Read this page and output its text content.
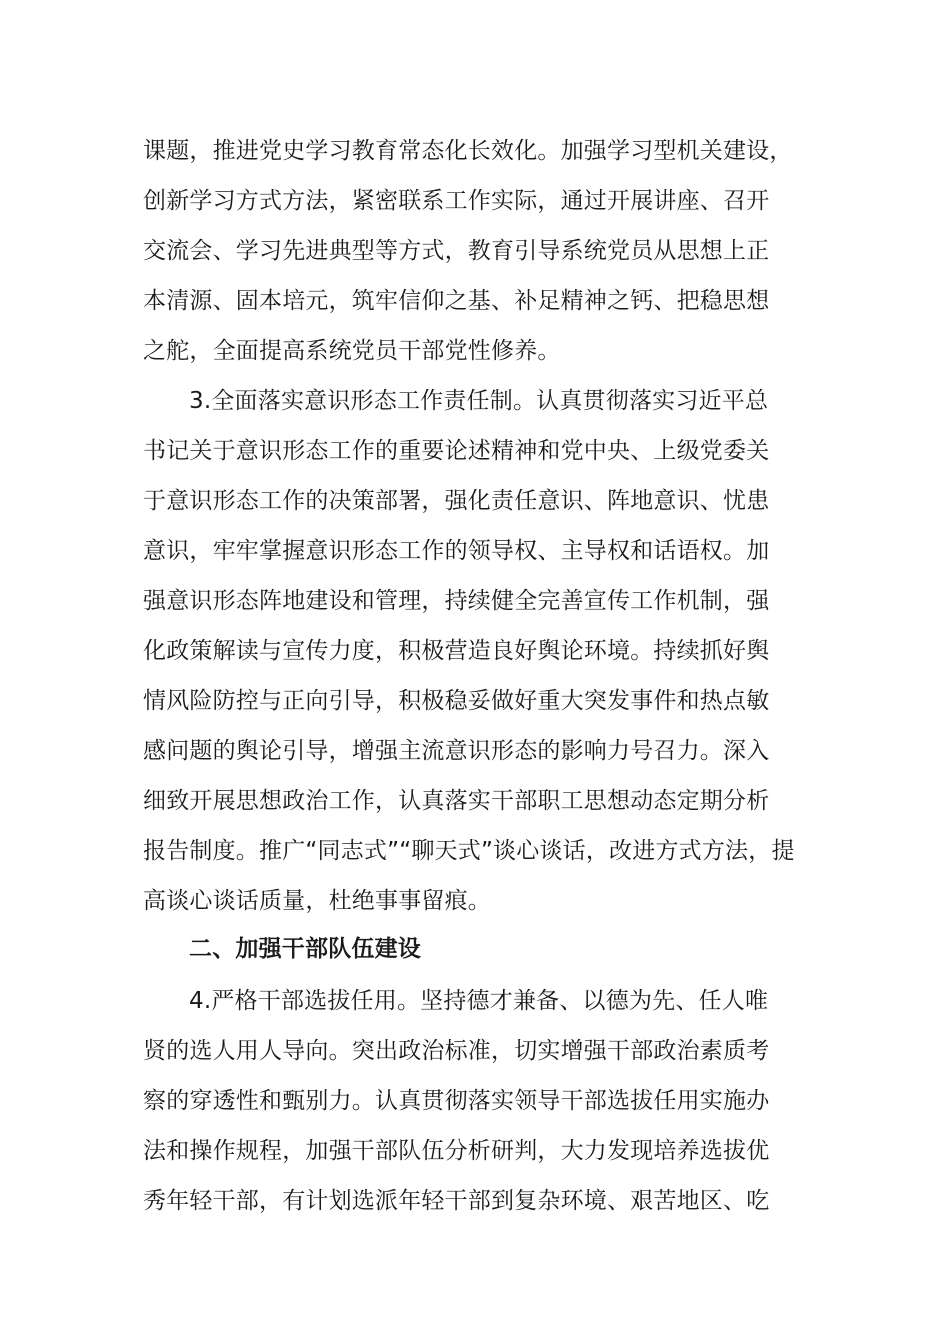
课题，推进党史学习教育常态化长效化。加强学习型机关建设，
创新学习方式方法，紧密联系工作实际，通过开展讲座、召开
交流会、学习先进典型等方式，教育引导系统党员从思想上正
本清源、固本培元，筑牢信仰之基、补足精神之钙、把稳思想
之舵，全面提高系统党员干部党性修养。
3.全面落实意识形态工作责任制。认真贯彻落实习近平总
书记关于意识形态工作的重要论述精神和党中央、上级党委关
于意识形态工作的决策部署，强化责任意识、阵地意识、忧患
意识，牢牢掌握意识形态工作的领导权、主导权和话语权。加
强意识形态阵地建设和管理，持续健全完善宣传工作机制，强
化政策解读与宣传力度，积极营造良好舆论环境。持续抓好舆
情风险防控与正向引导，积极稳妥做好重大突发事件和热点敏
感问题的舆论引导，增强主流意识形态的影响力号召力。深入
细致开展思想政治工作，认真落实干部职工思想动态定期分析
报告制度。推广“同志式”“聊天式”谈心谈话，改进方式方法，提
高谈心谈话质量，杜绝事事留痕。
二、加强干部队伍建设
4.严格干部选拔任用。坚持德才兼备、以德为先、任人唯
贤的选人用人导向。突出政治标准，切实增强干部政治素质考
察的穿透性和甄别力。认真贯彻落实领导干部选拔任用实施办
法和操作规程，加强干部队伍分析研判，大力发现培养选拔优
秀年轻干部，有计划选派年轻干部到复杂环境、艰苦地区、吃
